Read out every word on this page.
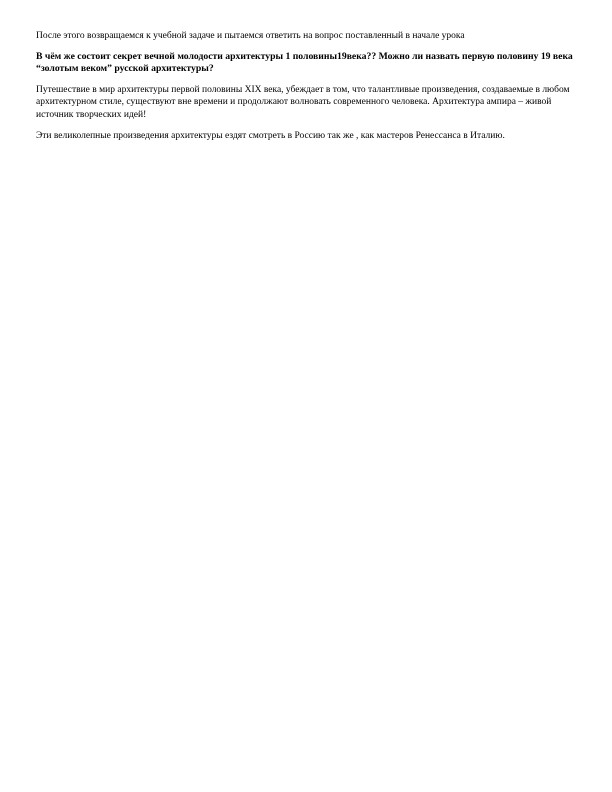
После этого возвращаемся к учебной задаче и пытаемся ответить на вопрос поставленный в начале урока

В чём же состоит секрет вечной молодости архитектуры 1 половины19века?? Можно ли назвать первую половину 19 века “золотым веком” русской архитектуры?

Путешествие в мир архитектуры первой половины XIX века, убеждает в том, что талантливые произведения, создаваемые в любом архитектурном стиле, существуют вне времени и продолжают волновать современного человека. Архитектура ампира – живой источник творческих идей!

Эти великолепные произведения архитектуры ездят смотреть в Россию так же , как мастеров Ренессанса в Италию.
